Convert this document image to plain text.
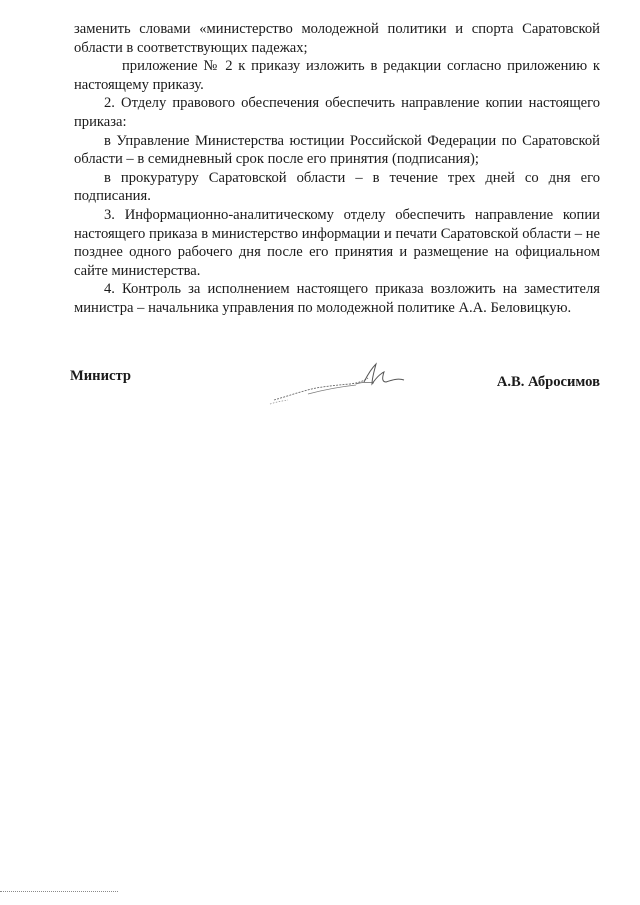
заменить словами «министерство молодежной политики и спорта Саратовской области в соответствующих падежах;

приложение № 2 к приказу изложить в редакции согласно приложению к настоящему приказу.

2. Отделу правового обеспечения обеспечить направление копии настоящего приказа:

в Управление Министерства юстиции Российской Федерации по Саратовской области – в семидневный срок после его принятия (подписания);

в прокуратуру Саратовской области – в течение трех дней со дня его подписания.

3. Информационно-аналитическому отделу обеспечить направление копии настоящего приказа в министерство информации и печати Саратовской области – не позднее одного рабочего дня после его принятия и размещение на официальном сайте министерства.

4. Контроль за исполнением настоящего приказа возложить на заместителя министра – начальника управления по молодежной политике А.А. Беловицкую.

Министр	А.В. Абросимов
